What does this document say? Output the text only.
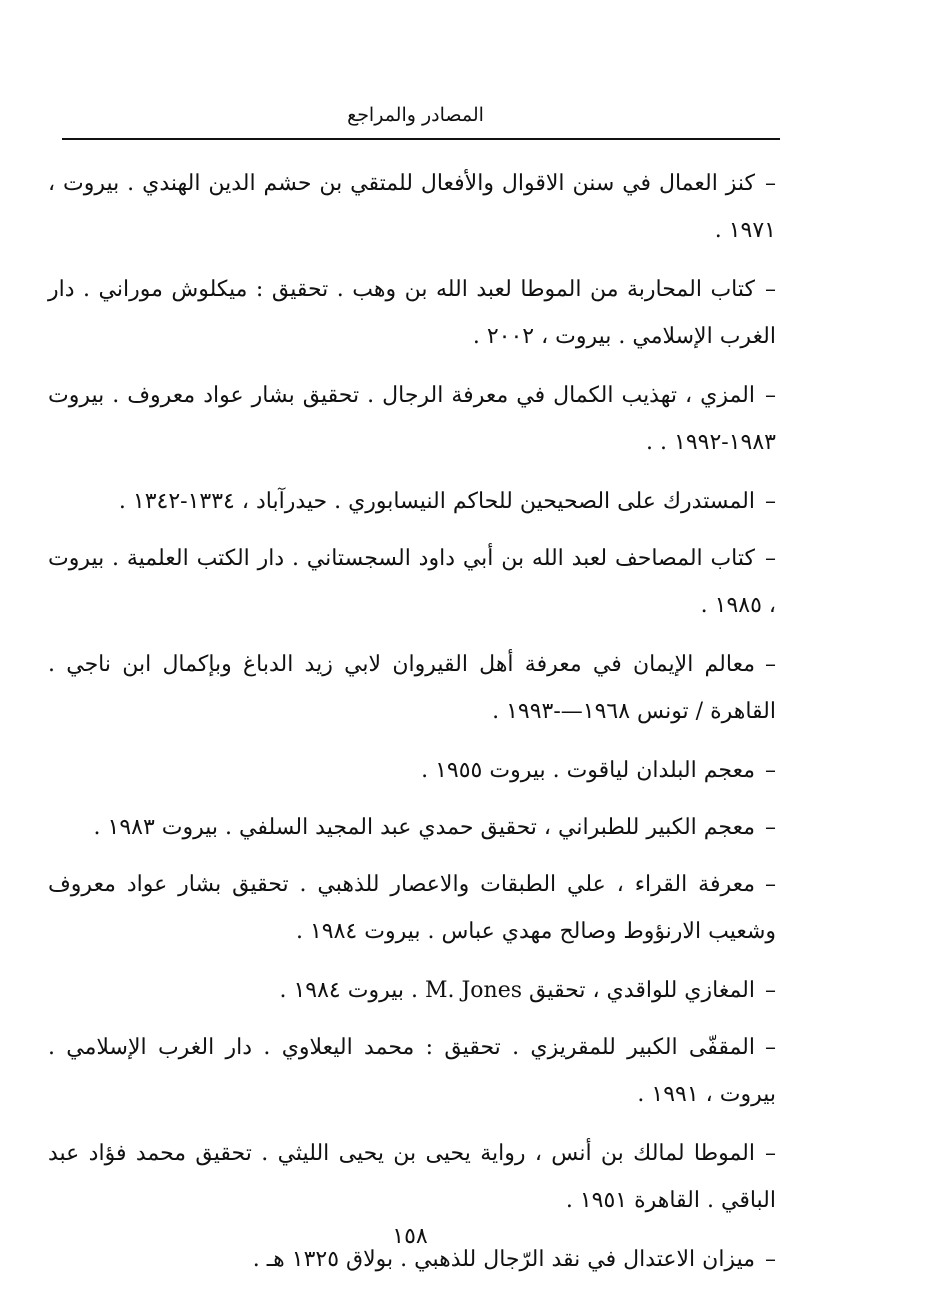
المصادر والمراجع

–كنز العمال في سنن الاقوال والأفعال للمتقي بن حشم الدين الهندي . بيروت ، ١٩٧١ .

–كتاب المحاربة من الموطا لعبد الله بن وهب . تحقيق : ميكلوش موراني . دار الغرب الإسلامي . بيروت ، ٢٠٠٢ .

–المزي ، تهذيب الكمال في معرفة الرجال . تحقيق بشار عواد معروف . بيروت ١٩٨٣-١٩٩٢ . .

–المستدرك على الصحيحين للحاكم النيسابوري . حيدرآباد ، ١٣٣٤-١٣٤٢ .

–كتاب المصاحف لعبد الله بن أبي داود السجستاني . دار الكتب العلمية . بيروت ، ١٩٨٥ .

–معالم الإيمان في معرفة أهل القيروان لابي زيد الدباغ وبإكمال ابن ناجي . القاهرة / تونس ١٩٦٨—-١٩٩٣ .

–معجم البلدان لياقوت . بيروت ١٩٥٥ .

–معجم الكبير للطبراني ، تحقيق حمدي عبد المجيد السلفي . بيروت ١٩٨٣ .

–معرفة القراء ، علي الطبقات والاعصار للذهبي . تحقيق بشار عواد معروف وشعيب الارنؤوط وصالح مهدي عباس . بيروت ١٩٨٤ .

–المغازي للواقدي ، تحقيق M. Jones . بيروت ١٩٨٤ .

–المقفّى الكبير للمقريزي . تحقيق : محمد اليعلاوي . دار الغرب الإسلامي . بيروت ، ١٩٩١ .

–الموطا لمالك بن أنس ، رواية يحيى بن يحيى الليثي . تحقيق محمد فؤاد عبد الباقي . القاهرة ١٩٥١ .

–ميزان الاعتدال في نقد الرّجال للذهبي . بولاق ١٣٢٥ هـ .

١٥٨
